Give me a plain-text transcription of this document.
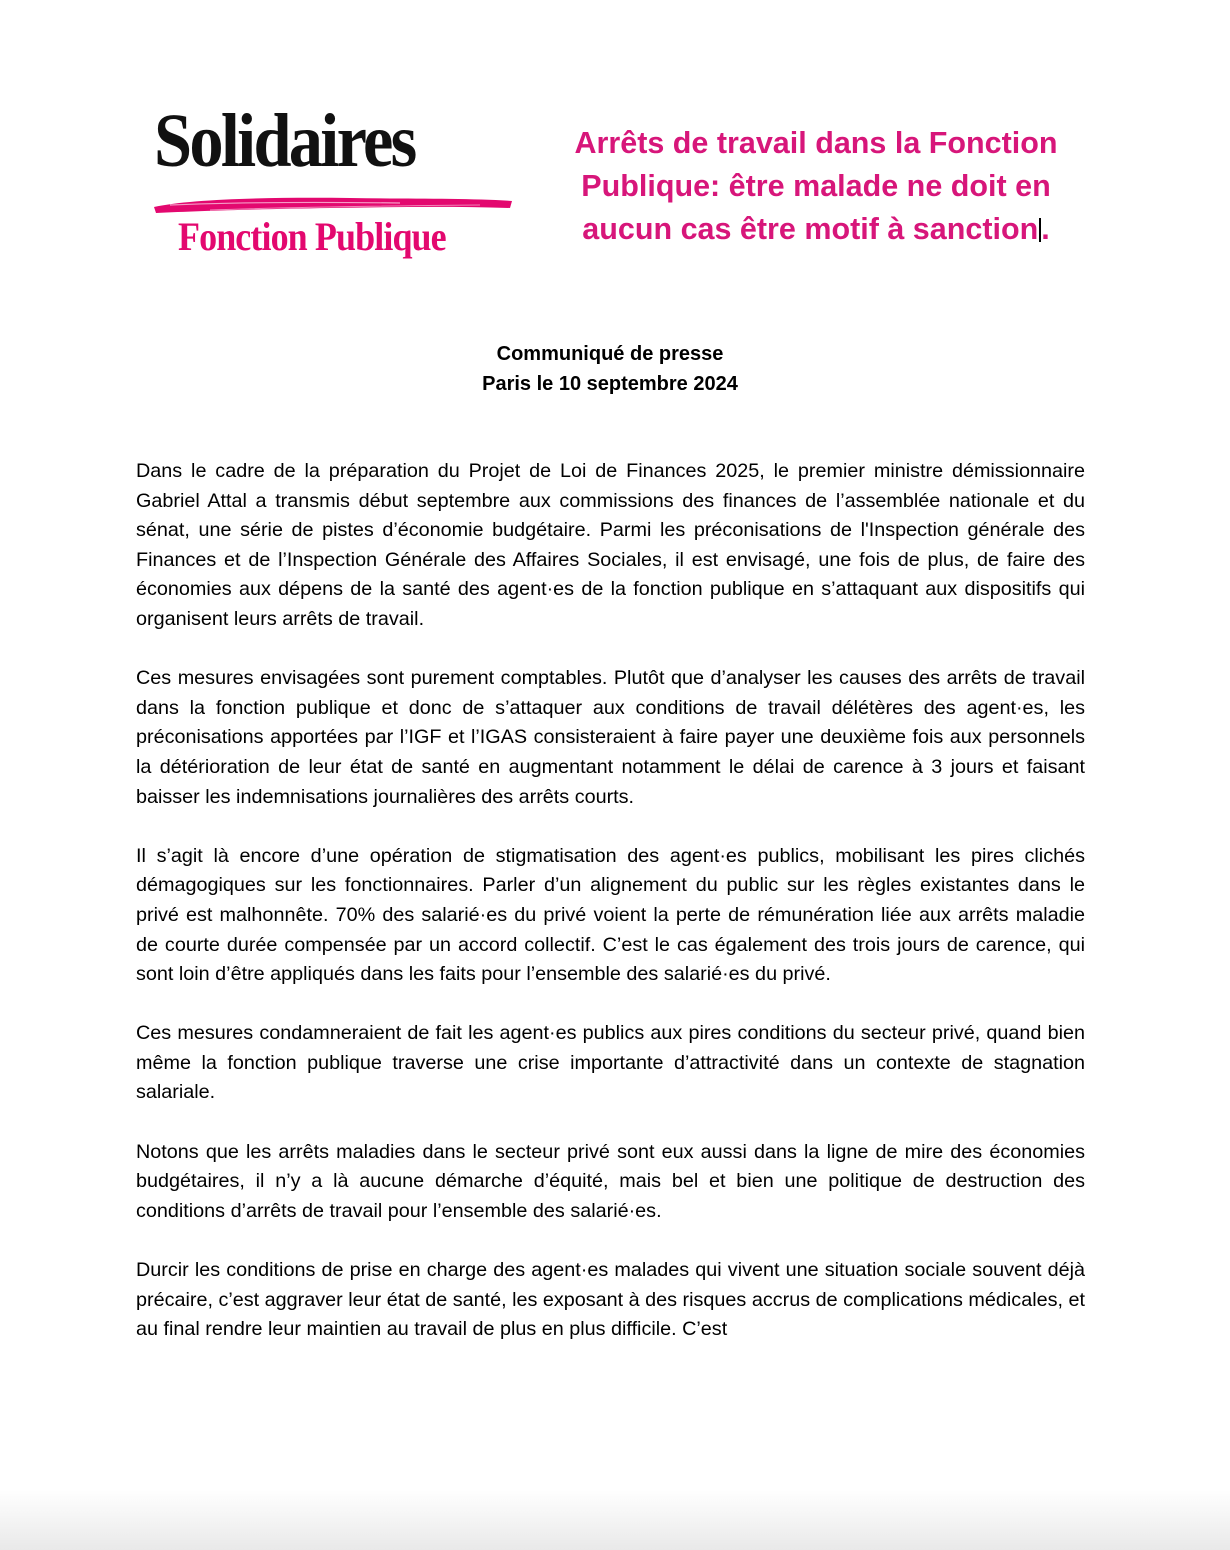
Solidaires
Fonction Publique
Arrêts de travail dans la Fonction Publique: être malade ne doit en aucun cas être motif à sanction.
Communiqué de presse
Paris le 10 septembre 2024

Dans le cadre de la préparation du Projet de Loi de Finances 2025, le premier ministre démissionnaire Gabriel Attal a transmis début septembre aux commissions des finances de l’assemblée nationale et du sénat, une série de pistes d’économie budgétaire. Parmi les préconisations de l'Inspection générale des Finances et de l’Inspection Générale des Affaires Sociales, il est envisagé, une fois de plus, de faire des économies aux dépens de la santé des agent·es de la fonction publique en s’attaquant aux dispositifs qui organisent leurs arrêts de travail.

Ces mesures envisagées sont purement comptables. Plutôt que d’analyser les causes des arrêts de travail dans la fonction publique et donc de s’attaquer aux conditions de travail délétères des agent·es, les préconisations apportées par l’IGF et l’IGAS consisteraient à faire payer une deuxième fois aux personnels la détérioration de leur état de santé en augmentant notamment le délai de carence à 3 jours et faisant baisser les indemnisations journalières des arrêts courts.

Il s’agit là encore d’une opération de stigmatisation des agent·es publics, mobilisant les pires clichés démagogiques sur les fonctionnaires. Parler d’un alignement du public sur les règles existantes dans le privé est malhonnête. 70% des salarié·es du privé voient la perte de rémunération liée aux arrêts maladie de courte durée compensée par un accord collectif. C’est le cas également des trois jours de carence, qui sont loin d’être appliqués dans les faits pour l’ensemble des salarié·es du privé.

Ces mesures condamneraient de fait les agent·es publics aux pires conditions du secteur privé, quand bien même la fonction publique traverse une crise importante d’attractivité dans un contexte de stagnation salariale.

Notons que les arrêts maladies dans le secteur privé sont eux aussi dans la ligne de mire des économies budgétaires, il n’y a là aucune démarche d’équité, mais bel et bien une politique de destruction des conditions d’arrêts de travail pour l’ensemble des salarié·es.

Durcir les conditions de prise en charge des agent·es malades qui vivent une situation sociale souvent déjà précaire, c’est aggraver leur état de santé, les exposant à des risques accrus de complications médicales, et au final rendre leur maintien au travail de plus en plus difficile. C’est
